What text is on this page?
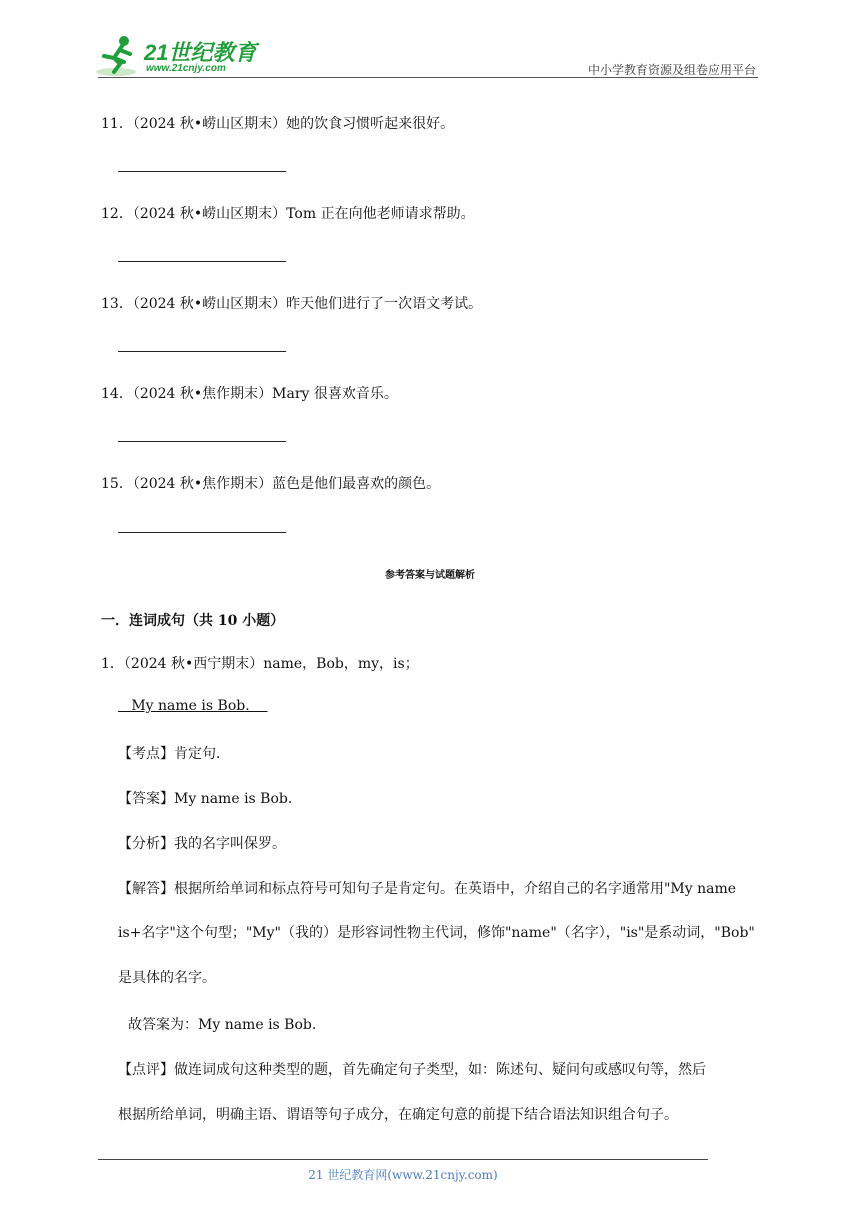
21世纪教育
www.21cnjy.com	中小学教育资源及组卷应用平台
11．（2024 秋•崂山区期末）她的饮食习惯听起来很好。
12．（2024 秋•崂山区期末）Tom 正在向他老师请求帮助。
13．（2024 秋•崂山区期末）昨天他们进行了一次语文考试。
14．（2024 秋•焦作期末）Mary 很喜欢音乐。
15．（2024 秋•焦作期末）蓝色是他们最喜欢的颜色。
参考答案与试题解析
一．连词成句（共 10 小题）
1．（2024 秋•西宁期末）name，Bob，my，is；
My name is Bob.
【考点】肯定句．
【答案】My name is Bob.
【分析】我的名字叫保罗。
【解答】根据所给单词和标点符号可知句子是肯定句。在英语中，介绍自己的名字通常用"My name
is+名字"这个句型；"My"（我的）是形容词性物主代词，修饰"name"（名字），"is"是系动词，"Bob"
是具体的名字。
故答案为：My name is Bob.
【点评】做连词成句这种类型的题，首先确定句子类型，如：陈述句、疑问句或感叹句等，然后
根据所给单词，明确主语、谓语等句子成分，在确定句意的前提下结合语法知识组合句子。
21 世纪教育网(www.21cnjy.com)
